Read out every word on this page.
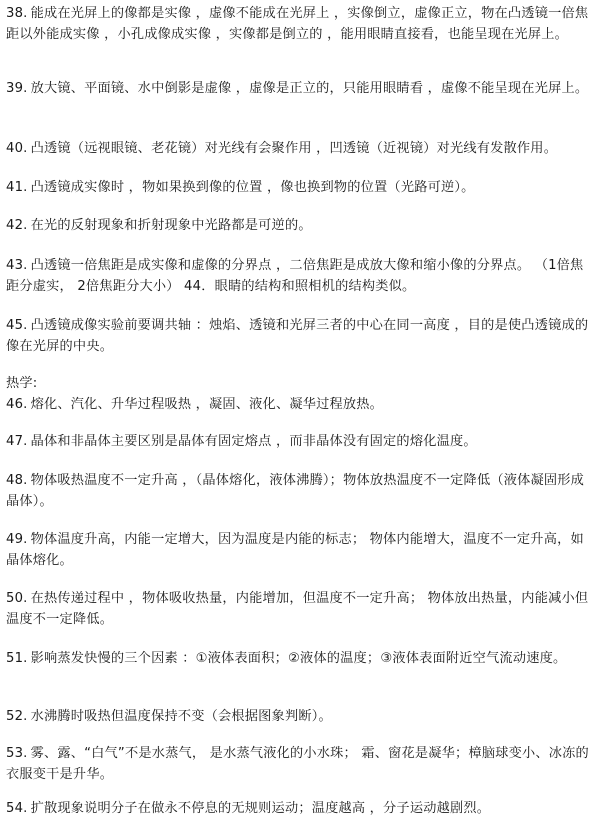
38. 能成在光屏上的像都是实像 ，虚像不能成在光屏上 ，实像倒立，虚像正立，物在凸透镜一倍焦距以外能成实像 ，小孔成像成实像 ，实像都是倒立的 ，能用眼睛直接看，也能呈现在光屏上。
39. 放大镜、平面镜、水中倒影是虚像 ，虚像是正立的，只能用眼睛看 ，虚像不能呈现在光屏上。
40. 凸透镜（远视眼镜、老花镜）对光线有会聚作用 ，凹透镜（近视镜）对光线有发散作用。
41. 凸透镜成实像时 ，物如果换到像的位置 ，像也换到物的位置（光路可逆）。
42. 在光的反射现象和折射现象中光路都是可逆的。
43. 凸透镜一倍焦距是成实像和虚像的分界点 ，二倍焦距是成放大像和缩小像的分界点。 （1倍焦距分虚实， 2倍焦距分大小） 44．眼睛的结构和照相机的结构类似。
45. 凸透镜成像实验前要调共轴 ：烛焰、透镜和光屏三者的中心在同一高度 ，目的是使凸透镜成的像在光屏的中央。
热学:
46. 熔化、汽化、升华过程吸热 ，凝固、液化、凝华过程放热。
47. 晶体和非晶体主要区别是晶体有固定熔点 ，而非晶体没有固定的熔化温度。
48. 物体吸热温度不一定升高 ，（晶体熔化，液体沸腾）；物体放热温度不一定降低（液体凝固形成晶体）。
49. 物体温度升高，内能一定增大，因为温度是内能的标志； 物体内能增大，温度不一定升高，如晶体熔化。
50. 在热传递过程中 ，物体吸收热量，内能增加，但温度不一定升高； 物体放出热量，内能减小但温度不一定降低。
51. 影响蒸发快慢的三个因素 ：①液体表面积；②液体的温度；③液体表面附近空气流动速度。
52. 水沸腾时吸热但温度保持不变（会根据图象判断）。
53. 雾、露、“白气”不是水蒸气， 是水蒸气液化的小水珠； 霜、窗花是凝华；樟脑球变小、冰冻的衣服变干是升华。
54. 扩散现象说明分子在做永不停息的无规则运动；温度越高 ，分子运动越剧烈。
